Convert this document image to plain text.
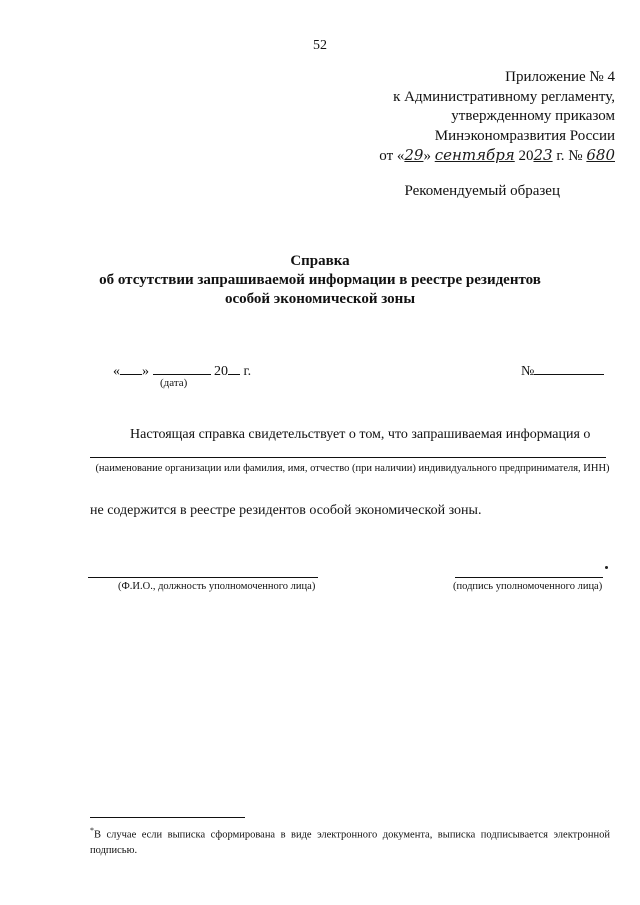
52
Приложение № 4
к Административному регламенту,
утвержденному приказом
Минэкономразвития России
от «29» сентября 2023 г. № 680
Рекомендуемый образец
Справка
об отсутствии запрашиваемой информации в реестре резидентов
особой экономической зоны
« »	20 г.
(дата)
№
Настоящая справка свидетельствует о том, что запрашиваемая информация о
(наименование организации или фамилия, имя, отчество (при наличии) индивидуального предпринимателя, ИНН)
не содержится в реестре резидентов особой экономической зоны.
(Ф.И.О., должность уполномоченного лица)	(подпись уполномоченного лица)
*В случае если выписка сформирована в виде электронного документа, выписка подписывается электронной подписью.
